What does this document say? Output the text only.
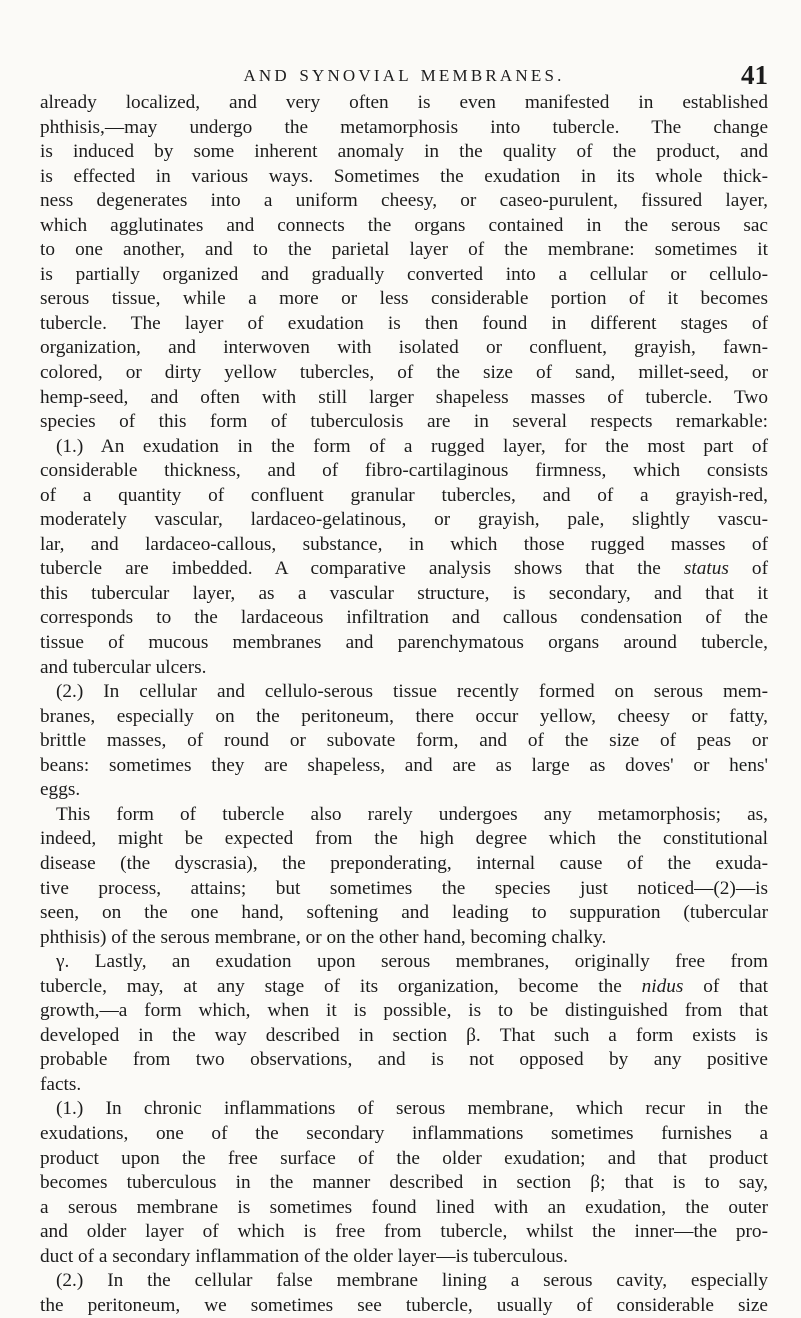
AND SYNOVIAL MEMBRANES.	41
already localized, and very often is even manifested in established
phthisis,—may undergo the metamorphosis into tubercle. The change
is induced by some inherent anomaly in the quality of the product, and
is effected in various ways. Sometimes the exudation in its whole thick-
ness degenerates into a uniform cheesy, or caseo-purulent, fissured layer,
which agglutinates and connects the organs contained in the serous sac
to one another, and to the parietal layer of the membrane: sometimes it
is partially organized and gradually converted into a cellular or cellulo-
serous tissue, while a more or less considerable portion of it becomes
tubercle. The layer of exudation is then found in different stages of
organization, and interwoven with isolated or confluent, grayish, fawn-
colored, or dirty yellow tubercles, of the size of sand, millet-seed, or
hemp-seed, and often with still larger shapeless masses of tubercle. Two
species of this form of tuberculosis are in several respects remarkable:
(1.) An exudation in the form of a rugged layer, for the most part of
considerable thickness, and of fibro-cartilaginous firmness, which consists
of a quantity of confluent granular tubercles, and of a grayish-red,
moderately vascular, lardaceo-gelatinous, or grayish, pale, slightly vascu-
lar, and lardaceo-callous, substance, in which those rugged masses of
tubercle are imbedded. A comparative analysis shows that the status of
this tubercular layer, as a vascular structure, is secondary, and that it
corresponds to the lardaceous infiltration and callous condensation of the
tissue of mucous membranes and parenchymatous organs around tubercle,
and tubercular ulcers.
(2.) In cellular and cellulo-serous tissue recently formed on serous mem-
branes, especially on the peritoneum, there occur yellow, cheesy or fatty,
brittle masses, of round or subovate form, and of the size of peas or
beans: sometimes they are shapeless, and are as large as doves' or hens'
eggs.
This form of tubercle also rarely undergoes any metamorphosis; as,
indeed, might be expected from the high degree which the constitutional
disease (the dyscrasia), the preponderating, internal cause of the exuda-
tive process, attains; but sometimes the species just noticed—(2)—is
seen, on the one hand, softening and leading to suppuration (tubercular
phthisis) of the serous membrane, or on the other hand, becoming chalky.
γ. Lastly, an exudation upon serous membranes, originally free from
tubercle, may, at any stage of its organization, become the nidus of that
growth,—a form which, when it is possible, is to be distinguished from that
developed in the way described in section β. That such a form exists is
probable from two observations, and is not opposed by any positive
facts.
(1.) In chronic inflammations of serous membrane, which recur in the
exudations, one of the secondary inflammations sometimes furnishes a
product upon the free surface of the older exudation; and that product
becomes tuberculous in the manner described in section β; that is to say,
a serous membrane is sometimes found lined with an exudation, the outer
and older layer of which is free from tubercle, whilst the inner—the pro-
duct of a secondary inflammation of the older layer—is tuberculous.
(2.) In the cellular false membrane lining a serous cavity, especially
the peritoneum, we sometimes see tubercle, usually of considerable size
